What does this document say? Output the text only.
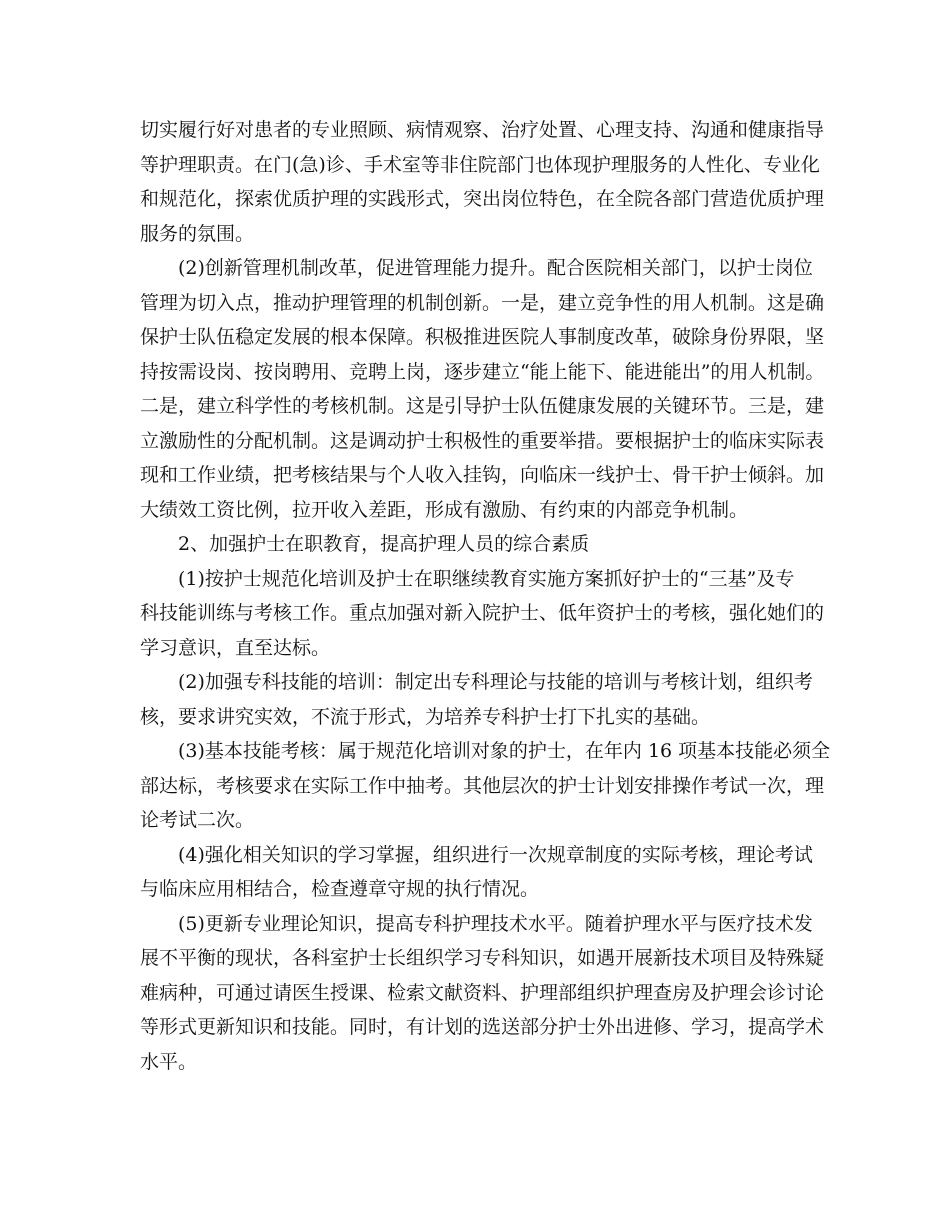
切实履行好对患者的专业照顾、病情观察、治疗处置、心理支持、沟通和健康指导
等护理职责。在门(急)诊、手术室等非住院部门也体现护理服务的人性化、专业化
和规范化，探索优质护理的实践形式，突出岗位特色，在全院各部门营造优质护理
服务的氛围。
(2)创新管理机制改革，促进管理能力提升。配合医院相关部门，以护士岗位
管理为切入点，推动护理管理的机制创新。一是，建立竞争性的用人机制。这是确
保护士队伍稳定发展的根本保障。积极推进医院人事制度改革，破除身份界限，坚
持按需设岗、按岗聘用、竞聘上岗，逐步建立“能上能下、能进能出”的用人机制。
二是，建立科学性的考核机制。这是引导护士队伍健康发展的关键环节。三是，建
立激励性的分配机制。这是调动护士积极性的重要举措。要根据护士的临床实际表
现和工作业绩，把考核结果与个人收入挂钩，向临床一线护士、骨干护士倾斜。加
大绩效工资比例，拉开收入差距，形成有激励、有约束的内部竞争机制。
2、加强护士在职教育，提高护理人员的综合素质
(1)按护士规范化培训及护士在职继续教育实施方案抓好护士的“三基”及专
科技能训练与考核工作。重点加强对新入院护士、低年资护士的考核，强化她们的
学习意识，直至达标。
(2)加强专科技能的培训：制定出专科理论与技能的培训与考核计划，组织考
核，要求讲究实效，不流于形式，为培养专科护士打下扎实的基础。
(3)基本技能考核：属于规范化培训对象的护士，在年内 16 项基本技能必须全
部达标，考核要求在实际工作中抽考。其他层次的护士计划安排操作考试一次，理
论考试二次。
(4)强化相关知识的学习掌握，组织进行一次规章制度的实际考核，理论考试
与临床应用相结合，检查遵章守规的执行情况。
(5)更新专业理论知识，提高专科护理技术水平。随着护理水平与医疗技术发
展不平衡的现状，各科室护士长组织学习专科知识，如遇开展新技术项目及特殊疑
难病种，可通过请医生授课、检索文献资料、护理部组织护理查房及护理会诊讨论
等形式更新知识和技能。同时，有计划的选送部分护士外出进修、学习，提高学术
水平。
